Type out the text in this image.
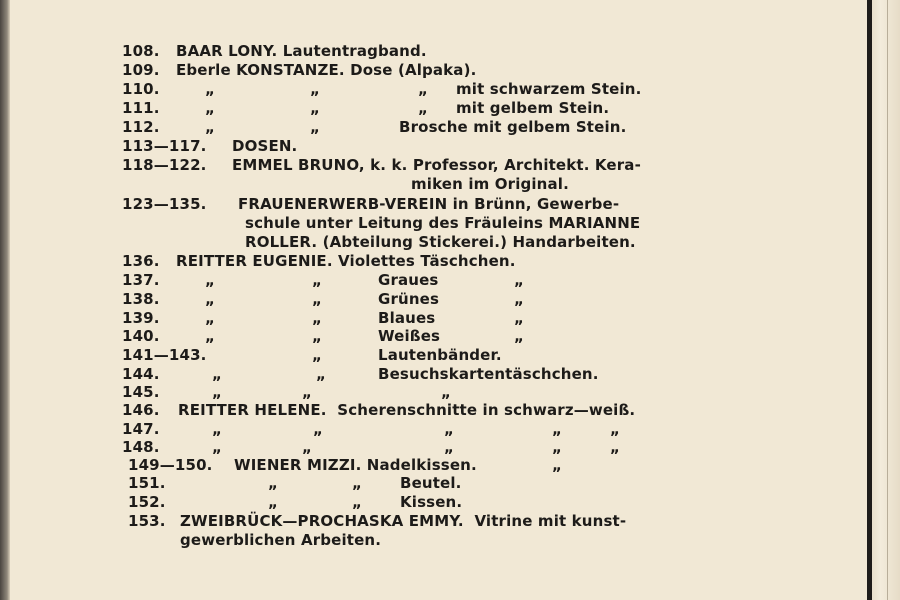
108. BAAR LONY. Lautentragband.
109. Eberle KONSTANZE. Dose (Alpaka).
110.	„	„	„ mit schwarzem Stein.
111.	„	„	„ mit gelbem Stein.
112.	„	„	Brosche mit gelbem Stein.
113—117. DOSEN.
118—122. EMMEL BRUNO, k. k. Professor, Architekt. Kera-
miken im Original.
123—135. FRAUENERWERB-VEREIN in Brünn, Gewerbe-
schule unter Leitung des Fräuleins MARIANNE
ROLLER. (Abteilung Stickerei.) Handarbeiten.
136. REITTER EUGENIE. Violettes Täschchen.
137.	„	„	Graues	„
138.	„	„	Grünes	„
139.	„	„	Blaues	„
140.	„	„	Weißes	„
141—143.	„	Lautenbänder.
144.	„	„	Besuchskartentäschchen.
145.	„	„	„
146. REITTER HELENE.  Scherenschnitte in schwarz—weiß.
147.	„	„	„	„	„
148.	„	„	„	„	„
149—150. WIENER MIZZI. Nadelkissen.	„
151.	„	„	Beutel.
152.	„	„	Kissen.
153. ZWEIBRÜCK—PROCHASKA EMMY.  Vitrine mit kunst-
gewerblichen Arbeiten.
